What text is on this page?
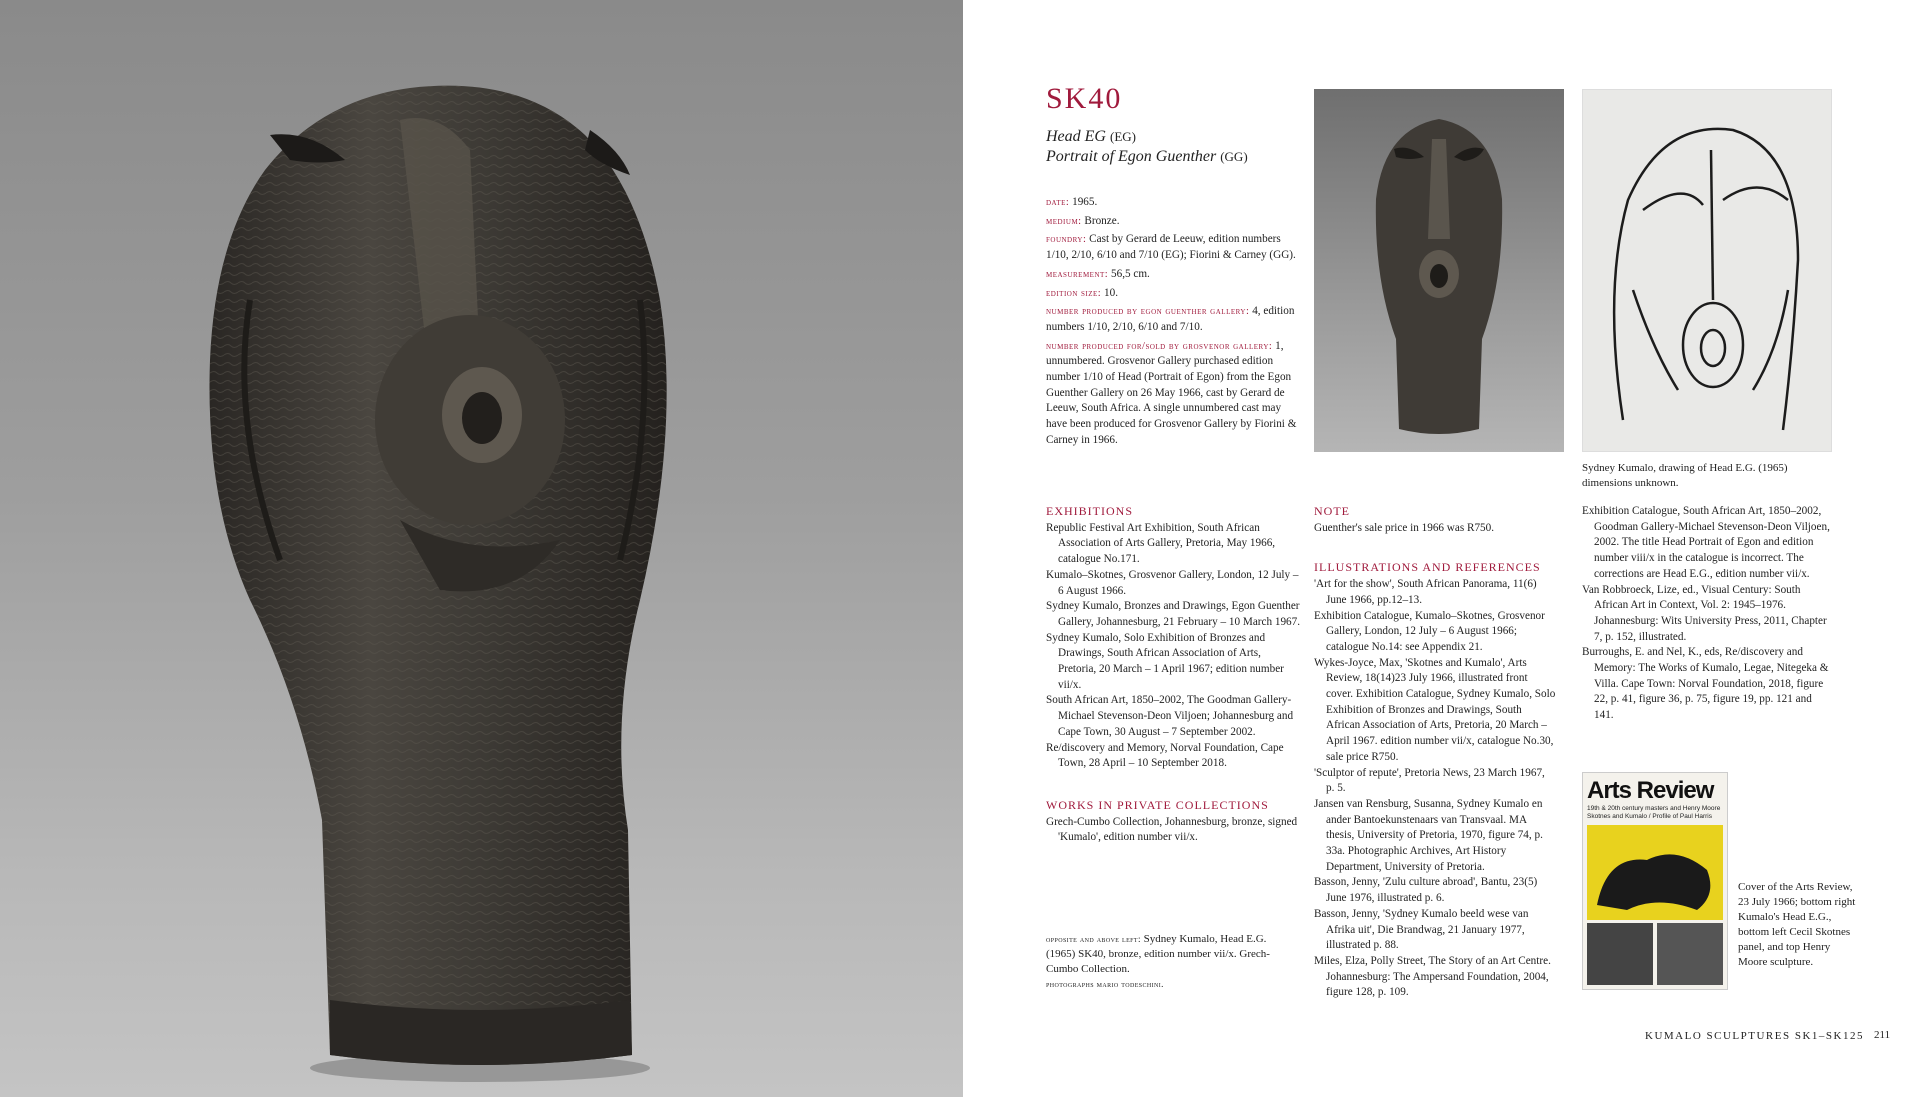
SK40
Head EG (EG)
Portrait of Egon Guenther (GG)

date: 1965.

medium: Bronze.

foundry: Cast by Gerard de Leeuw, edition numbers 1/10, 2/10, 6/10 and 7/10 (EG); Fiorini & Carney (GG).

measurement: 56,5 cm.

edition size: 10.

number produced by egon guenther gallery: 4, edition numbers 1/10, 2/10, 6/10 and 7/10.

number produced for/sold by grosvenor gallery: 1, unnumbered. Grosvenor Gallery purchased edition number 1/10 of Head (Portrait of Egon) from the Egon Guenther Gallery on 26 May 1966, cast by Gerard de Leeuw, South Africa. A single unnumbered cast may have been produced for Grosvenor Gallery by Fiorini & Carney in 1966.

Sydney Kumalo, drawing of Head E.G. (1965) dimensions unknown.
EXHIBITIONS

Republic Festival Art Exhibition, South African Association of Arts Gallery, Pretoria, May 1966, catalogue No.171.

Kumalo–Skotnes, Grosvenor Gallery, London, 12 July – 6 August 1966.

Sydney Kumalo, Bronzes and Drawings, Egon Guenther Gallery, Johannesburg, 21 February – 10 March 1967.

Sydney Kumalo, Solo Exhibition of Bronzes and Drawings, South African Association of Arts, Pretoria, 20 March – 1 April 1967; edition number vii/x.

South African Art, 1850–2002, The Goodman Gallery-Michael Stevenson-Deon Viljoen; Johannesburg and Cape Town, 30 August – 7 September 2002.

Re/discovery and Memory, Norval Foundation, Cape Town, 28 April – 10 September 2018.

WORKS IN PRIVATE COLLECTIONS

Grech-Cumbo Collection, Johannesburg, bronze, signed 'Kumalo', edition number vii/x.

opposite and above left: Sydney Kumalo, Head E.G. (1965) SK40, bronze, edition number vii/x. Grech-Cumbo Collection.
photographs mario todeschini.
NOTE

Guenther's sale price in 1966 was R750.

ILLUSTRATIONS AND REFERENCES

'Art for the show', South African Panorama, 11(6) June 1966, pp.12–13.

Exhibition Catalogue, Kumalo–Skotnes, Grosvenor Gallery, London, 12 July – 6 August 1966; catalogue No.14: see Appendix 21.

Wykes-Joyce, Max, 'Skotnes and Kumalo', Arts Review, 18(14)23 July 1966, illustrated front cover. Exhibition Catalogue, Sydney Kumalo, Solo Exhibition of Bronzes and Drawings, South African Association of Arts, Pretoria, 20 March – April 1967. edition number vii/x, catalogue No.30, sale price R750.

'Sculptor of repute', Pretoria News, 23 March 1967, p. 5.

Jansen van Rensburg, Susanna, Sydney Kumalo en ander Bantoekunstenaars van Transvaal. MA thesis, University of Pretoria, 1970, figure 74, p. 33a. Photographic Archives, Art History Department, University of Pretoria.

Basson, Jenny, 'Zulu culture abroad', Bantu, 23(5) June 1976, illustrated p. 6.

Basson, Jenny, 'Sydney Kumalo beeld wese van Afrika uit', Die Brandwag, 21 January 1977, illustrated p. 88.

Miles, Elza, Polly Street, The Story of an Art Centre. Johannesburg: The Ampersand Foundation, 2004, figure 128, p. 109.

Exhibition Catalogue, South African Art, 1850–2002, Goodman Gallery-Michael Stevenson-Deon Viljoen, 2002. The title Head Portrait of Egon and edition number viii/x in the catalogue is incorrect. The corrections are Head E.G., edition number vii/x.

Van Robbroeck, Lize, ed., Visual Century: South African Art in Context, Vol. 2: 1945–1976. Johannesburg: Wits University Press, 2011, Chapter 7, p. 152, illustrated.

Burroughs, E. and Nel, K., eds, Re/discovery and Memory: The Works of Kumalo, Legae, Nitegeka & Villa. Cape Town: Norval Foundation, 2018, figure 22, p. 41, figure 36, p. 75, figure 19, pp. 121 and 141.

Arts Review
19th & 20th century masters and Henry Moore Skotnes and Kumalo / Profile of Paul Harris
Cover of the Arts Review, 23 July 1966; bottom right Kumalo's Head E.G., bottom left Cecil Skotnes panel, and top Henry Moore sculpture.
KUMALO SCULPTURES SK1–SK125 211
